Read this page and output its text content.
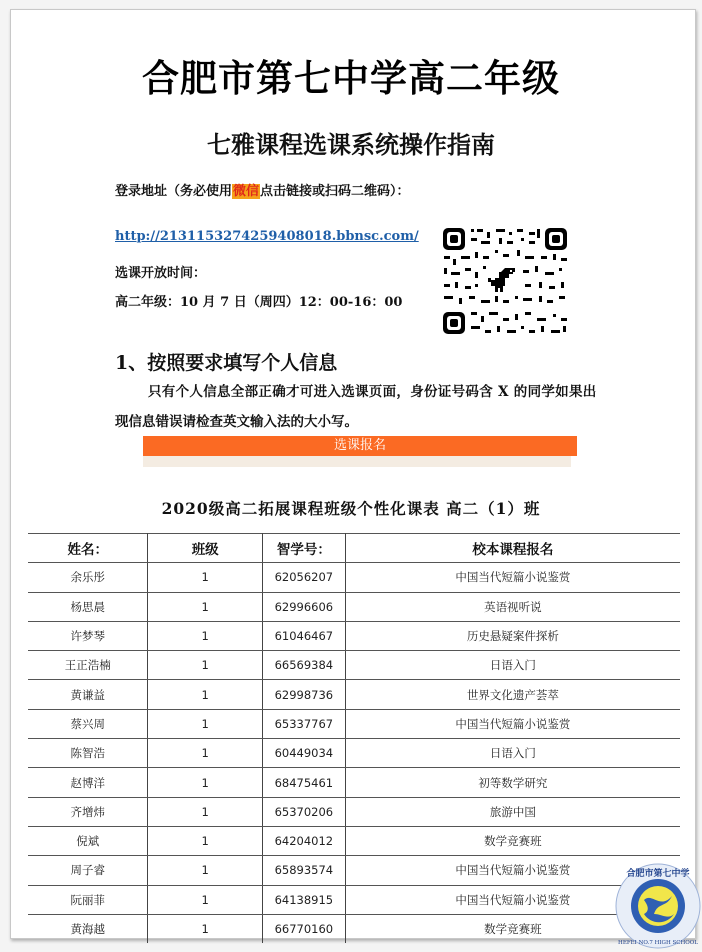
合肥市第七中学高二年级
七雅课程选课系统操作指南
登录地址（务必使用微信点击链接或扫码二维码）：
http://2131153274259408018.bbnsc.com/
选课开放时间：
高二年级：10 月 7 日（周四）12：00-16：00
1、按照要求填写个人信息
只有个人信息全部正确才可进入选课页面，身份证号码含 X 的同学如果出
现信息错误请检查英文输入法的大小写。
选课报名
2020级高二拓展课程班级个性化课表 高二（1）班
姓名：	班级	智学号：	校本课程报名
余乐彤	1	62056207	中国当代短篇小说鉴赏
杨思晨	1	62996606	英语视听说
许梦琴	1	61046467	历史悬疑案件探析
王正浩楠	1	66569384	日语入门
黄谦益	1	62998736	世界文化遗产荟萃
蔡兴周	1	65337767	中国当代短篇小说鉴赏
陈智浩	1	60449034	日语入门
赵博洋	1	68475461	初等数学研究
齐增炜	1	65370206	旅游中国
倪斌	1	64204012	数学竞赛班
周子睿	1	65893574	中国当代短篇小说鉴赏
阮丽菲	1	64138915	中国当代短篇小说鉴赏
黄海越	1	66770160	数学竞赛班
合肥市第七中学
HEFEI NO.7 HIGH SCHOOL
